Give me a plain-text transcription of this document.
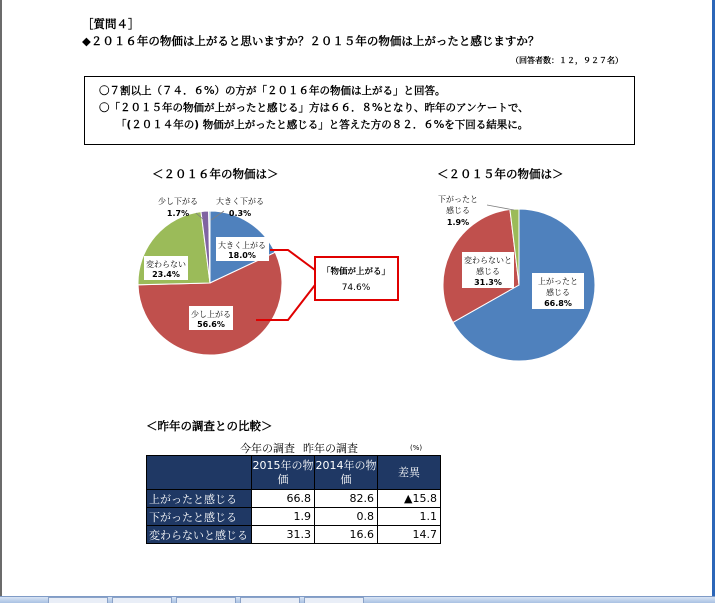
［質問４］
◆２０１６年の物価は上がると思いますか？２０１５年の物価は上がったと感じますか？
（回答者数：１２，９２７名）
〇７割以上（７４．６%）の方が「２０１６年の物価は上がる」と回答。
〇「２０１５年の物価が上がったと感じる」方は６６．８%となり、昨年のアンケートで、
「(２０１４年の) 物価が上がったと感じる」と答えた方の８２．６%を下回る結果に。
＜２０１６年の物価は＞	＜２０１５年の物価は＞
大きく上がる
18.0%
少し上がる
56.6%
変わらない
23.4%
少し下がる
1.7%
大きく下がる
0.3%
「物価が上がる」
74.6%
上がったと
感じる
66.8%
変わらないと
感じる
31.3%
下がったと
感じる
1.9%
＜昨年の調査との比較＞
今年の調査 昨年の調査	(%)
	2015年の物価	2014年の物価	差異
上がったと感じる	66.8	82.6	▲15.8
下がったと感じる	1.9	0.8	1.1
変わらないと感じる	31.3	16.6	14.7
